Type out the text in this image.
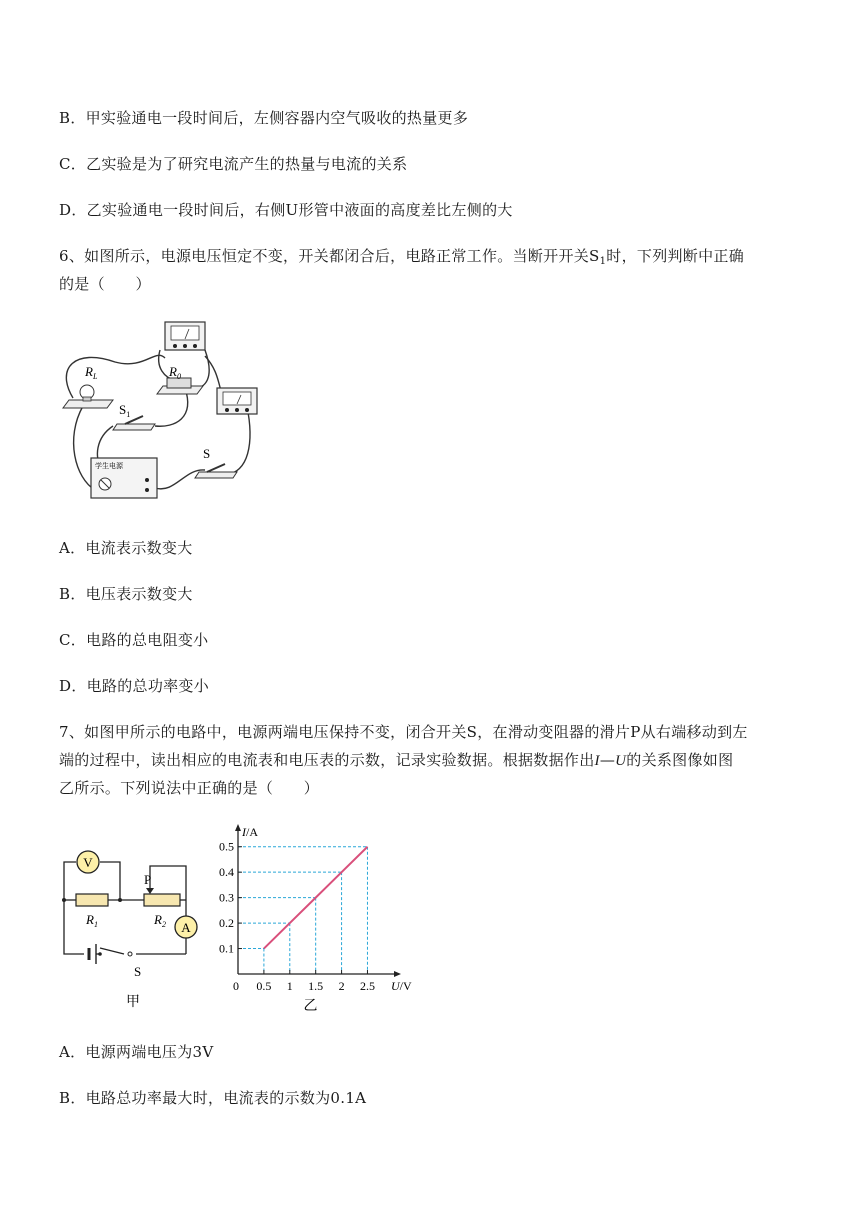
B．甲实验通电一段时间后，左侧容器内空气吸收的热量更多
C．乙实验是为了研究电流产生的热量与电流的关系
D．乙实验通电一段时间后，右侧U形管中液面的高度差比左侧的大
6、如图所示，电源电压恒定不变，开关都闭合后，电路正常工作。当断开开关$S_1$时，下列判断中正确
的是（　　）
$R_L$	$R_0$
$S_1$
S
学生电源
A．电流表示数变大
B．电压表示数变大
C．电路的总电阻变小
D．电路的总功率变小
7、如图甲所示的电路中，电源两端电压保持不变，闭合开关S，在滑动变阻器的滑片P从右端移动到左
端的过程中，读出相应的电流表和电压表的示数，记录实验数据。根据数据作出I—U的关系图像如图
乙所示。下列说法中正确的是（　　）
V
A
P
$R_1$	$R_2$
S
甲
0 0.5 1 1.5 2 2.5
0.1
0.2
0.3
0.4
0.5
U/V
I/A
乙
A．电源两端电压为3V
B．电路总功率最大时，电流表的示数为0.1A
